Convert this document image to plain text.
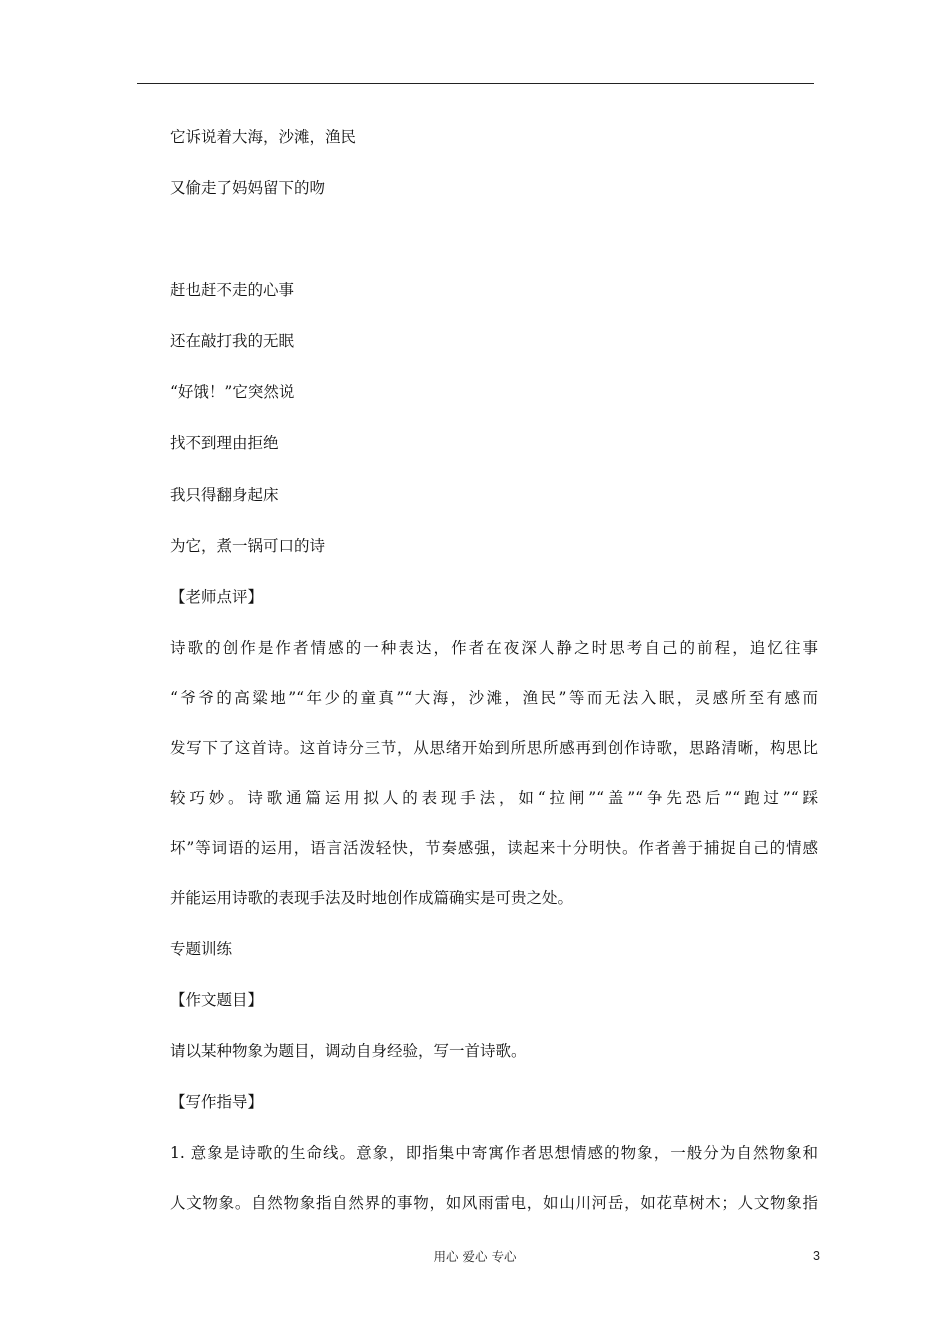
它诉说着大海，沙滩，渔民
又偷走了妈妈留下的吻
赶也赶不走的心事
还在敲打我的无眠
“好饿！”它突然说
找不到理由拒绝
我只得翻身起床
为它，煮一锅可口的诗
【老师点评】
诗歌的创作是作者情感的一种表达，作者在夜深人静之时思考自己的前程，追忆往事
“爷爷的高粱地”“年少的童真”“大海，沙滩，渔民”等而无法入眠，灵感所至有感而
发写下了这首诗。这首诗分三节，从思绪开始到所思所感再到创作诗歌，思路清晰，构思比
较巧妙。诗歌通篇运用拟人的表现手法，如“拉闸”“盖”“争先恐后”“跑过”“踩
坏”等词语的运用，语言活泼轻快，节奏感强，读起来十分明快。作者善于捕捉自己的情感
并能运用诗歌的表现手法及时地创作成篇确实是可贵之处。
专题训练
【作文题目】
请以某种物象为题目，调动自身经验，写一首诗歌。
【写作指导】
1. 意象是诗歌的生命线。意象，即指集中寄寓作者思想情感的物象，一般分为自然物象和
人文物象。自然物象指自然界的事物，如风雨雷电，如山川河岳，如花草树木；人文物象指
用心 爱心 专心	3
